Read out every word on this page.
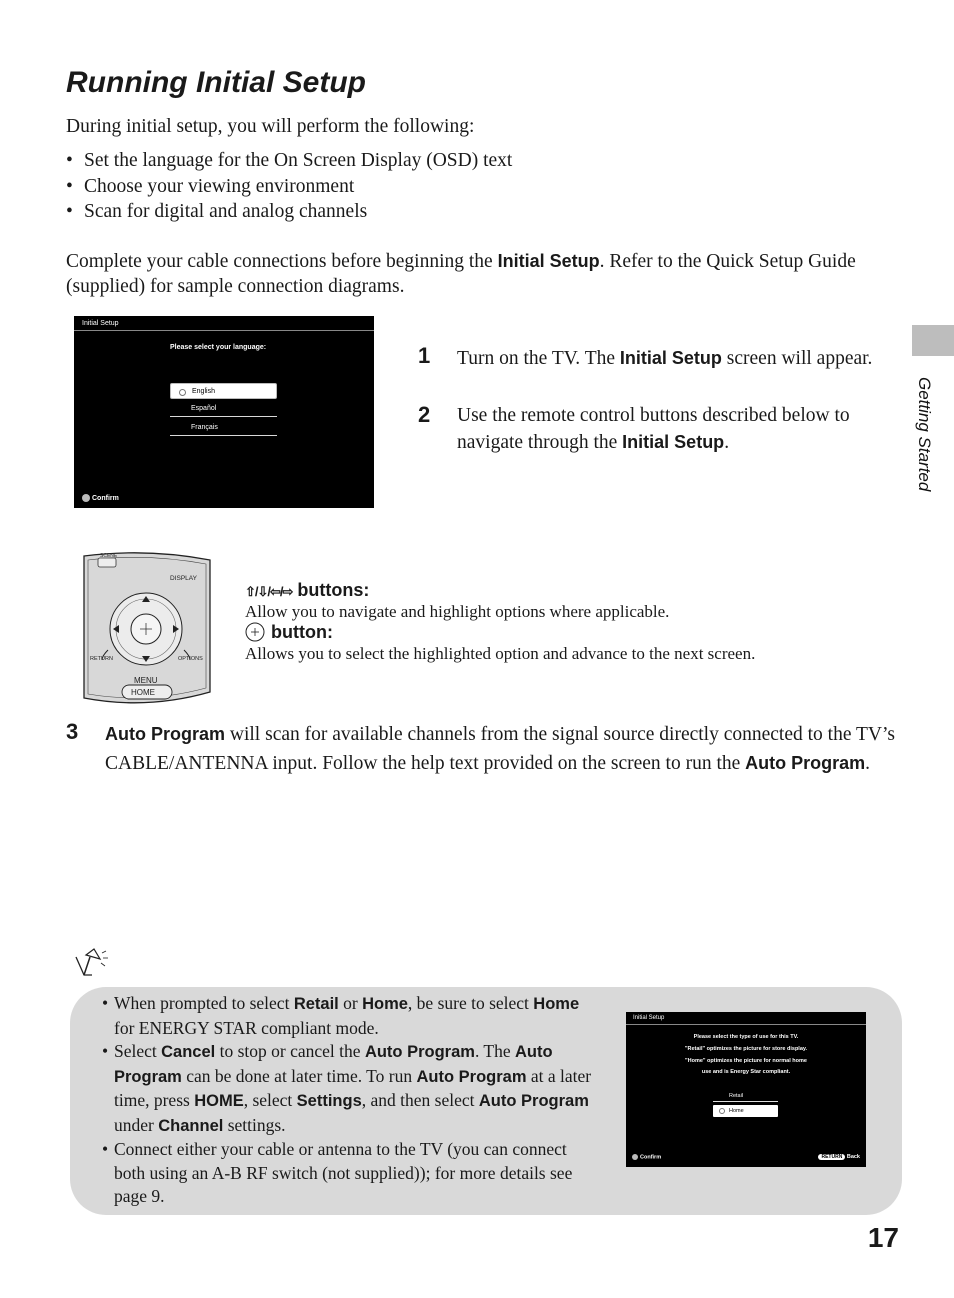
Running Initial Setup

During initial setup, you will perform the following:

• Set the language for the On Screen Display (OSD) text
• Choose your viewing environment
• Scan for digital and analog channels

Complete your cable connections before beginning the Initial Setup. Refer to the Quick Setup Guide (supplied) for sample connection diagrams.

Getting Started
Initial Setup
Please select your language:
English
Español
Français
Confirm
1 Turn on the TV. The Initial Setup screen will appear.
2 Use the remote control buttons described below to navigate through the Initial Setup.
SCENE
DISPLAY
RETURN	OPTIONS
MENU
HOME
⇧/⇩/⇦/⇨ buttons:
Allow you to navigate and highlight options where applicable.
button:
Allows you to select the highlighted option and advance to the next screen.
3 Auto Program will scan for available channels from the signal source directly connected to the TV’s CABLE/ANTENNA input. Follow the help text provided on the screen to run the Auto Program.
• When prompted to select Retail or Home, be sure to select Home for ENERGY STAR compliant mode.
• Select Cancel to stop or cancel the Auto Program. The Auto Program can be done at later time. To run Auto Program at a later time, press HOME, select Settings, and then select Auto Program under Channel settings.
• Connect either your cable or antenna to the TV (you can connect both using an A-B RF switch (not supplied)); for more details see page 9.
Initial Setup
Please select the type of use for this TV.
"Retail" optimizes the picture for store display.
"Home" optimizes the picture for normal home
use and is Energy Star compliant.
Retail
Home
Confirm	RETURN Back
17
